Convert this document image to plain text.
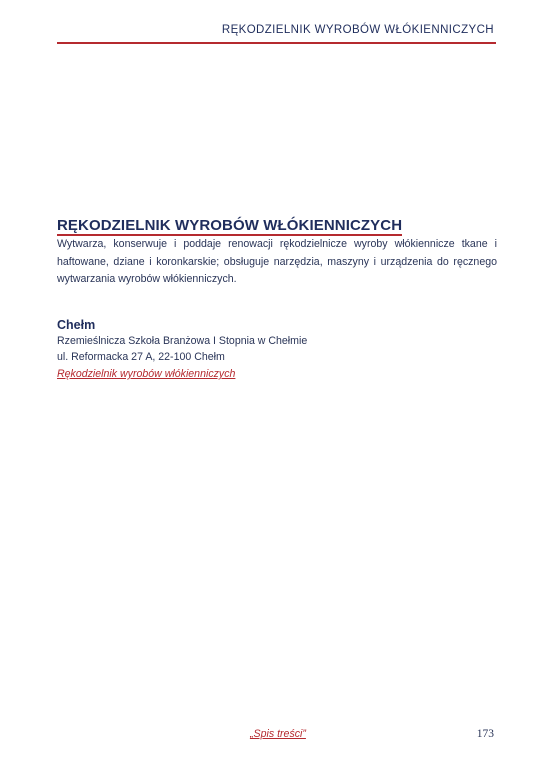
RĘKODZIELNIK WYROBÓW WŁÓKIENNICZYCH
RĘKODZIELNIK WYROBÓW WŁÓKIENNICZYCH
Wytwarza, konserwuje i poddaje renowacji rękodzielnicze wyroby włókiennicze tkane i haftowane, dziane i koronkarskie; obsługuje narzędzia, maszyny i urządzenia do ręcznego wytwarzania wyrobów włókienniczych.
Chełm
Rzemieślnicza Szkoła Branżowa I Stopnia w Chełmie
ul. Reformacka 27 A, 22-100 Chełm
Rękodzielnik wyrobów włókienniczych
„Spis treści”	173
